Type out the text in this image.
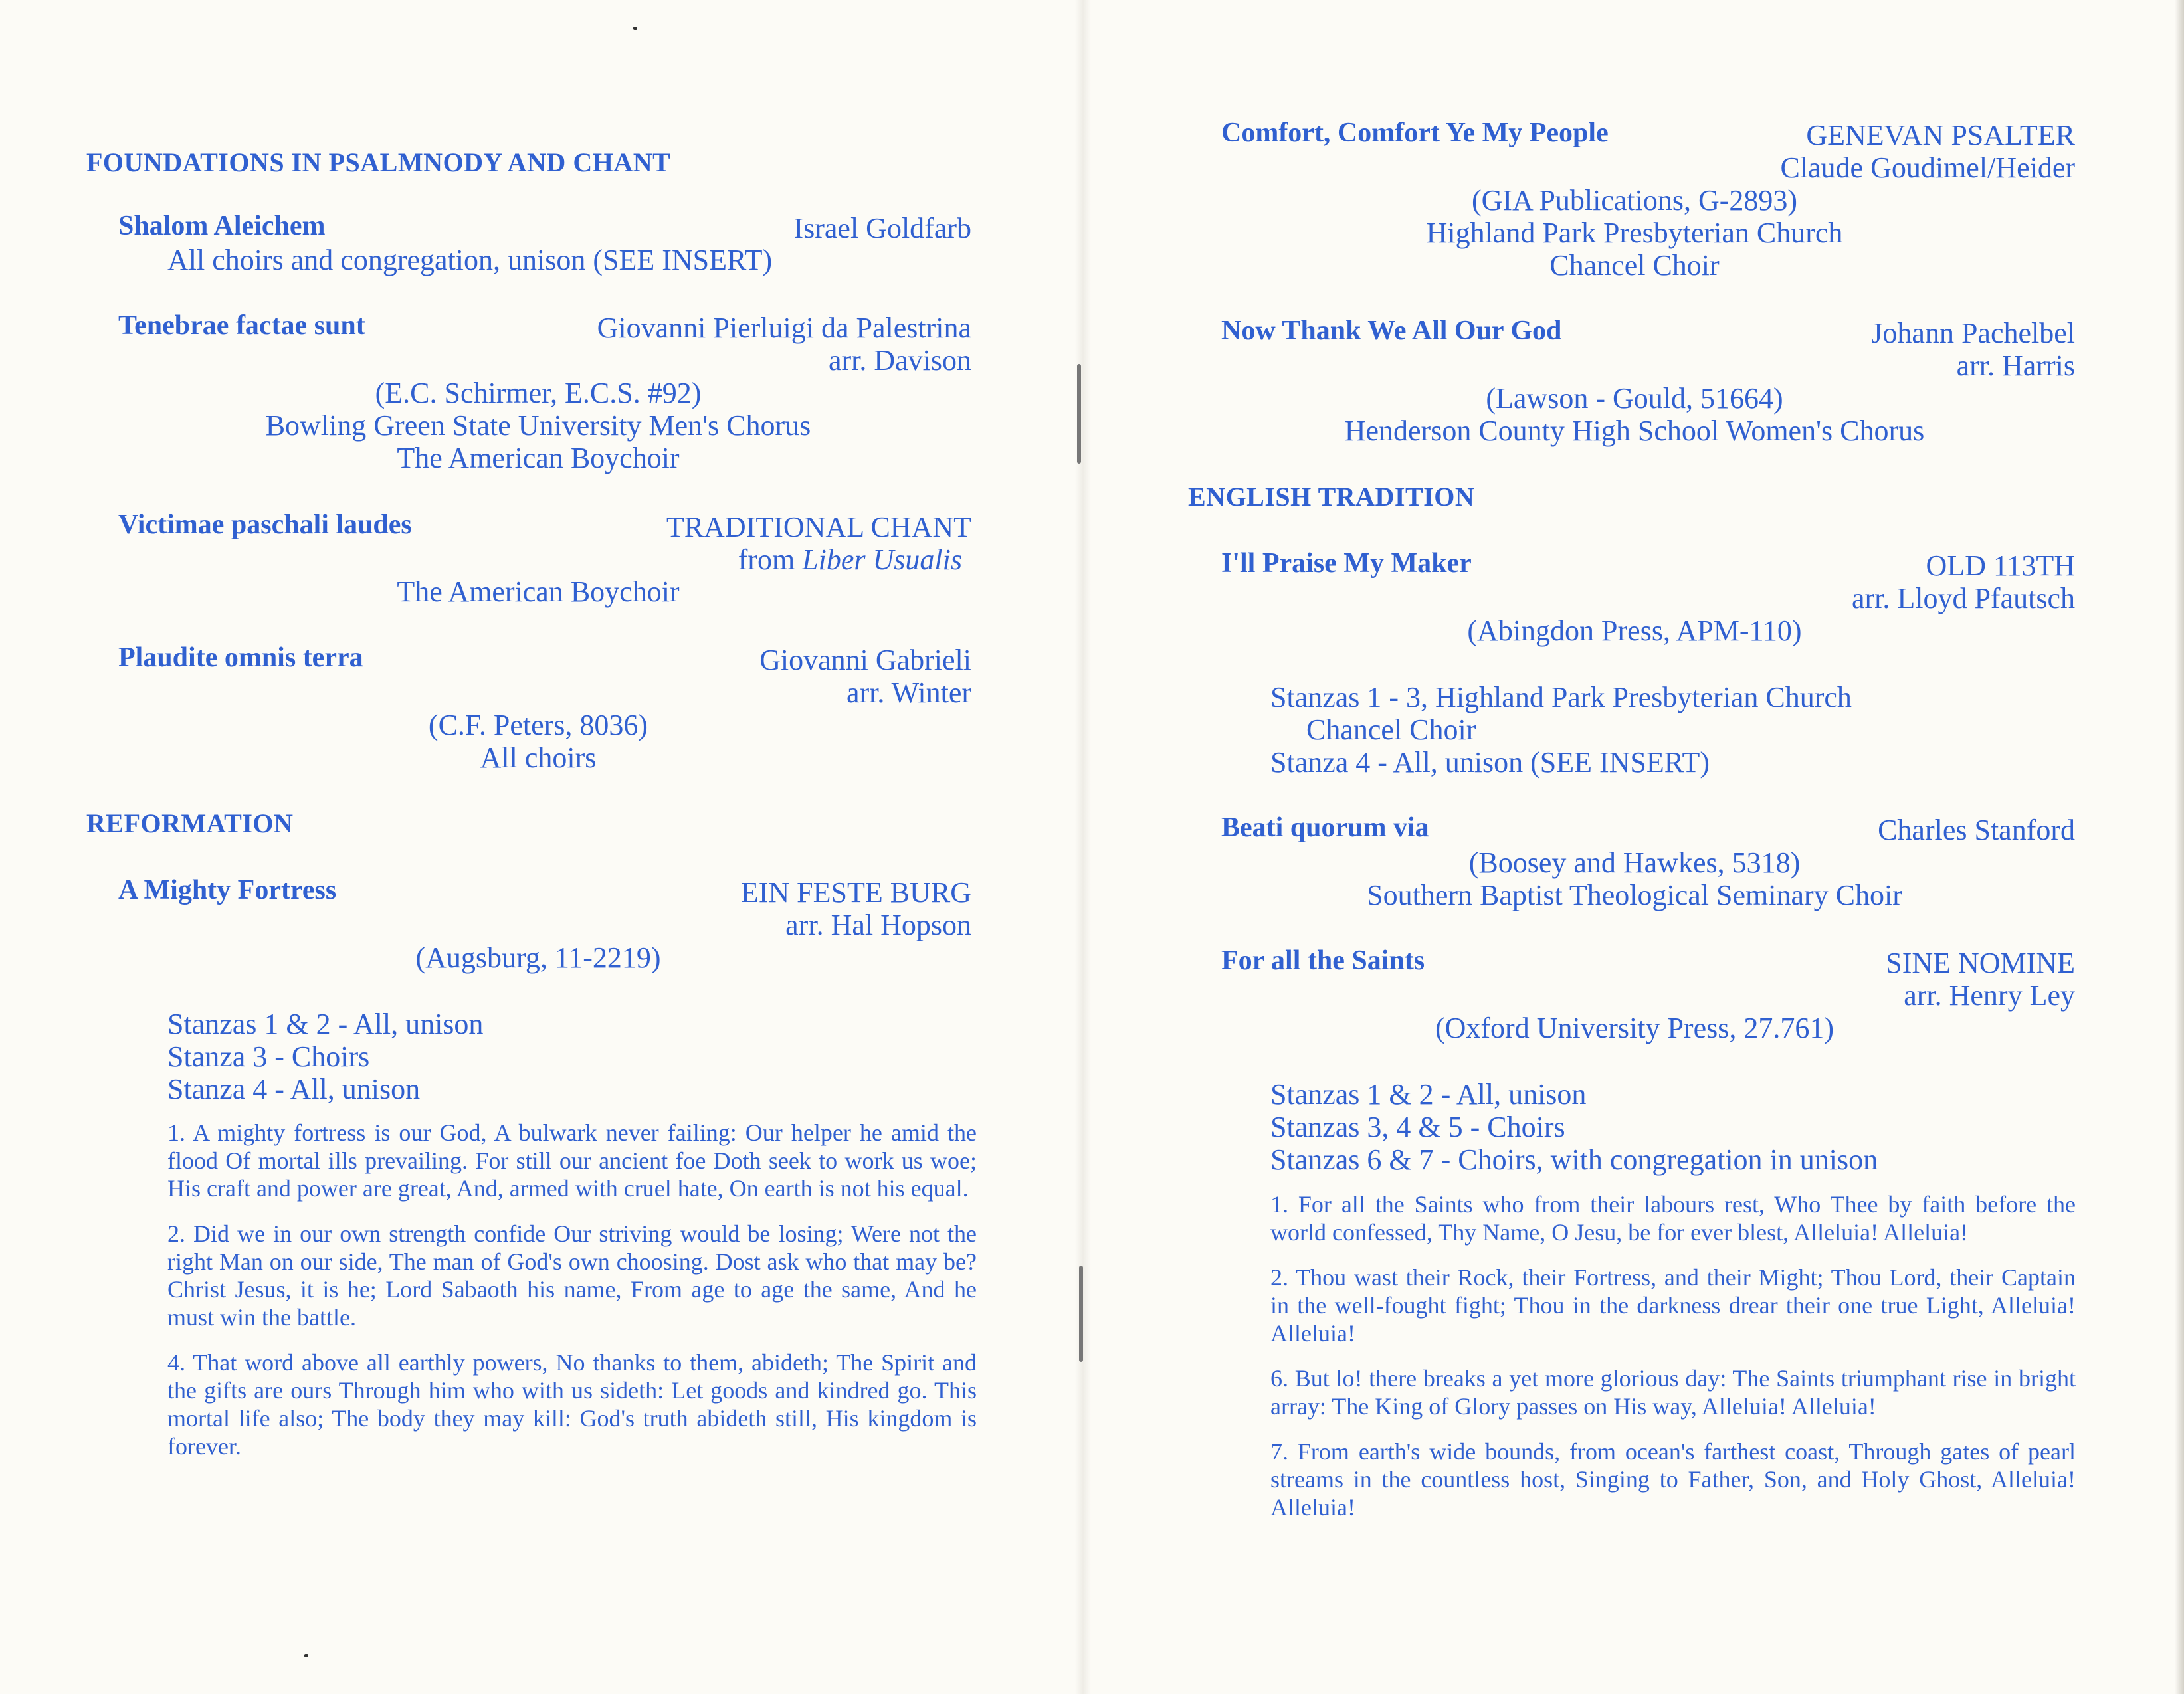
FOUNDATIONS IN PSALMNODY AND CHANT
Shalom Aleichem	Israel Goldfarb
All choirs and congregation, unison (SEE INSERT)
Tenebrae factae sunt	Giovanni Pierluigi da Palestrina
arr. Davison
(E.C. Schirmer, E.C.S. #92)
Bowling Green State University Men's Chorus
The American Boychoir
Victimae paschali laudes	TRADITIONAL CHANT
from Liber Usualis
The American Boychoir
Plaudite omnis terra	Giovanni Gabrieli
arr. Winter
(C.F. Peters, 8036)
All choirs
REFORMATION
A Mighty Fortress	EIN FESTE BURG
arr. Hal Hopson
(Augsburg, 11-2219)
Stanzas 1 & 2 - All, unison
Stanza 3 - Choirs
Stanza 4 - All, unison

1. A mighty fortress is our God, A bulwark never failing: Our helper he amid the flood Of mortal ills prevailing. For still our ancient foe Doth seek to work us woe; His craft and power are great, And, armed with cruel hate, On earth is not his equal.

2. Did we in our own strength confide Our striving would be losing; Were not the right Man on our side, The man of God's own choosing. Dost ask who that may be? Christ Jesus, it is he; Lord Sabaoth his name, From age to age the same, And he must win the battle.

4. That word above all earthly powers, No thanks to them, abideth; The Spirit and the gifts are ours Through him who with us sideth: Let goods and kindred go. This mortal life also; The body they may kill: God's truth abideth still, His kingdom is forever.

Comfort, Comfort Ye My People	GENEVAN PSALTER
Claude Goudimel/Heider
(GIA Publications, G-2893)
Highland Park Presbyterian Church
Chancel Choir
Now Thank We All Our God	Johann Pachelbel
arr. Harris
(Lawson - Gould, 51664)
Henderson County High School Women's Chorus
ENGLISH TRADITION
I'll Praise My Maker	OLD 113TH
arr. Lloyd Pfautsch
(Abingdon Press, APM-110)
Stanzas 1 - 3, Highland Park Presbyterian Church
Chancel Choir
Stanza 4 - All, unison (SEE INSERT)
Beati quorum via	Charles Stanford
(Boosey and Hawkes, 5318)
Southern Baptist Theological Seminary Choir
For all the Saints	SINE NOMINE
arr. Henry Ley
(Oxford University Press, 27.761)
Stanzas 1 & 2 - All, unison
Stanzas 3, 4 & 5 - Choirs
Stanzas 6 & 7 - Choirs, with congregation in unison

1. For all the Saints who from their labours rest, Who Thee by faith before the world confessed, Thy Name, O Jesu, be for ever blest, Alleluia! Alleluia!

2. Thou wast their Rock, their Fortress, and their Might; Thou Lord, their Captain in the well-fought fight; Thou in the darkness drear their one true Light, Alleluia! Alleluia!

6. But lo! there breaks a yet more glorious day: The Saints triumphant rise in bright array: The King of Glory passes on His way, Alleluia! Alleluia!

7. From earth's wide bounds, from ocean's farthest coast, Through gates of pearl streams in the countless host, Singing to Father, Son, and Holy Ghost, Alleluia! Alleluia!
